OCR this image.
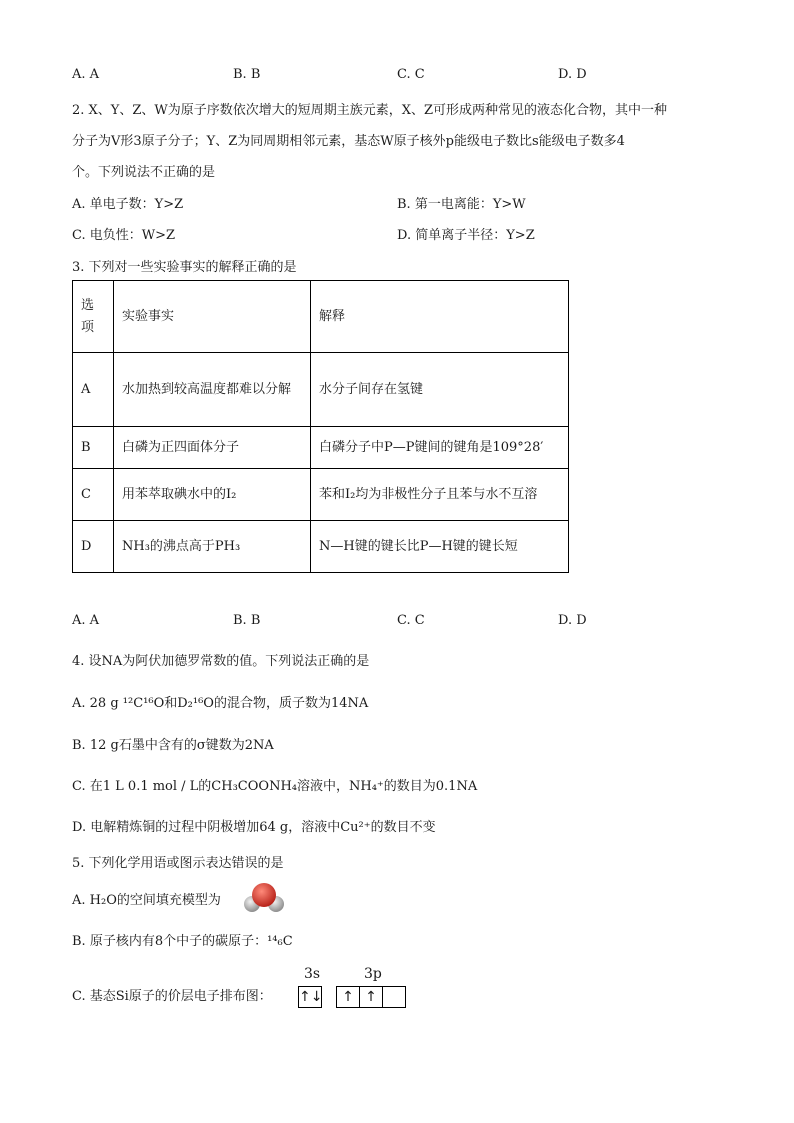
A. A	B. B	C. C	D. D
2. X、Y、Z、W为原子序数依次增大的短周期主族元素，X、Z可形成两种常见的液态化合物，其中一种
分子为V形3原子分子；Y、Z为同周期相邻元素，基态W原子核外p能级电子数比s能级电子数多4
个。下列说法不正确的是
A. 单电子数：Y>Z	B. 第一电离能：Y>W
C. 电负性：W>Z	D. 简单离子半径：Y>Z
3. 下列对一些实验事实的解释正确的是
选项	实验事实	解释
A	水加热到较高温度都难以分解	水分子间存在氢键
B	白磷为正四面体分子	白磷分子中P—P键间的键角是109°28′
C	用苯萃取碘水中的I₂	苯和I₂均为非极性分子且苯与水不互溶
D	NH₃的沸点高于PH₃	N—H键的键长比P—H键的键长短
A. A	B. B	C. C	D. D
4. 设NA为阿伏加德罗常数的值。下列说法正确的是
A. 28 g ¹²C¹⁶O和D₂¹⁶O的混合物，质子数为14NA
B. 12 g石墨中含有的σ键数为2NA
C. 在1 L 0.1 mol / L的CH₃COONH₄溶液中，NH₄⁺的数目为0.1NA
D. 电解精炼铜的过程中阴极增加64 g，溶液中Cu²⁺的数目不变
5. 下列化学用语或图示表达错误的是
A. H₂O的空间填充模型为
B. 原子核内有8个中子的碳原子：¹⁴₆C
C. 基态Si原子的价层电子排布图：
3s	3p
↑↓	↑ ↑
